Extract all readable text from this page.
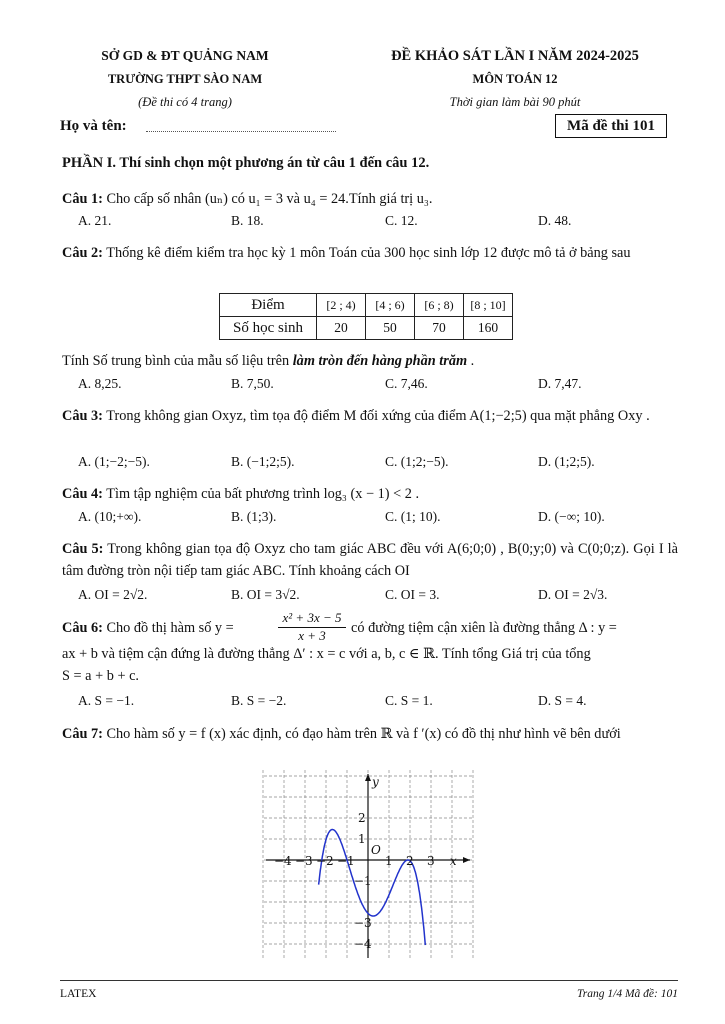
SỞ GD & ĐT QUẢNG NAM
TRƯỜNG THPT SÀO NAM
(Đề thi có 4 trang)
ĐỀ KHẢO SÁT LẦN I NĂM 2024-2025
MÔN TOÁN 12
Thời gian làm bài 90 phút
Họ và tên:	Mã đề thi 101
PHẦN I. Thí sinh chọn một phương án từ câu 1 đến câu 12.
Câu 1: Cho cấp số nhân (uₙ) có u₁ = 3 và u₄ = 24.Tính giá trị u₃.
A. 21.	B. 18.	C. 12.	D. 48.
Câu 2: Thống kê điểm kiểm tra học kỳ 1 môn Toán của 300 học sinh lớp 12 được mô tả ở bảng sau
Điểm	[2 ; 4)	[4 ; 6)	[6 ; 8)	[8 ; 10]
Số học sinh	20	50	70	160
Tính Số trung bình của mẫu số liệu trên làm tròn đến hàng phần trăm .
A. 8,25.	B. 7,50.	C. 7,46.	D. 7,47.
Câu 3: Trong không gian Oxyz, tìm tọa độ điểm M đối xứng của điểm A(1;−2;5) qua mặt phẳng Oxy .
A. (1;−2;−5).	B. (−1;2;5).	C. (1;2;−5).	D. (1;2;5).
Câu 4: Tìm tập nghiệm của bất phương trình log₃ (x − 1) < 2 .
A. (10;+∞).	B. (1;3).	C. (1; 10).	D. (−∞; 10).
Câu 5: Trong không gian tọa độ Oxyz cho tam giác ABC đều với A(6;0;0) , B(0;y;0) và C(0;0;z). Gọi I là tâm đường tròn nội tiếp tam giác ABC. Tính khoảng cách OI
A. OI = 2√2.	B. OI = 3√2.	C. OI = 3.	D. OI = 2√3.
Câu 6: Cho đồ thị hàm số y =	$\frac{\text{x² + 3x − 5}}{x + 3}$ có đường tiệm cận xiên là đường thẳng Δ : y =
ax + b và tiệm cận đứng là đường thẳng Δ′ : x = c với a, b, c ∈ ℝ. Tính tổng Giá trị của tổng
S = a + b + c.
A. S = −1.	B. S = −2.	C. S = 1.	D. S = 4.
Câu 7: Cho hàm số y = f (x) xác định, có đạo hàm trên ℝ và f ′(x) có đồ thị như hình vẽ bên dưới
−4 −3 −2 −1	1 2 3
2
1
−1
−3
−4
x
y
O
LATEX	Trang 1/4 Mã đề: 101
